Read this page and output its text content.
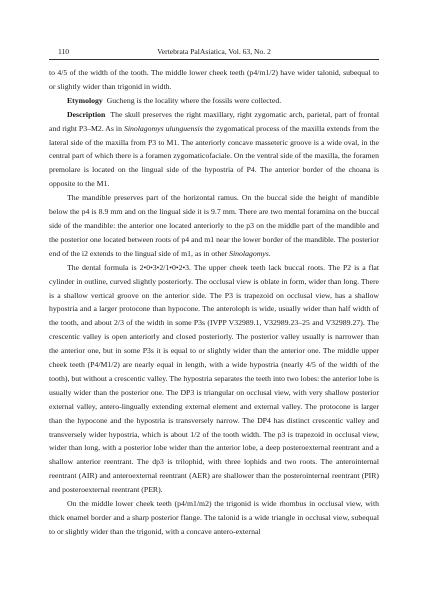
110	Vertebrata PalAsiatica, Vol. 63, No. 2

to 4/5 of the width of the tooth. The middle lower cheek teeth (p4/m1/2) have wider talonid, subequal to or slightly wider than trigonid in width.

Etymology Gucheng is the locality where the fossils were collected.

Description The skull preserves the right maxillary, right zygomatic arch, parietal, part of frontal and right P3–M2. As in Sinolagomys ulunguensis the zygomatical process of the maxilla extends from the lateral side of the maxilla from P3 to M1. The anteriorly concave masseteric groove is a wide oval, in the central part of which there is a foramen zygomaticofaciale. On the ventral side of the maxilla, the foramen premolare is located on the lingual side of the hypostria of P4. The anterior border of the choana is opposite to the M1.

The mandible preserves part of the horizontal ramus. On the buccal side the height of mandible below the p4 is 8.9 mm and on the lingual side it is 9.7 mm. There are two mental foramina on the buccal side of the mandible: the anterior one located anteriorly to the p3 on the middle part of the mandible and the posterior one located between roots of p4 and m1 near the lower border of the mandible. The posterior end of the i2 extends to the lingual side of m1, as in other Sinolagomys.

The dental formula is 2•0•3•2/1•0•2•3. The upper cheek teeth lack buccal roots. The P2 is a flat cylinder in outline, curved slightly posteriorly. The occlusal view is oblate in form, wider than long. There is a shallow vertical groove on the anterior side. The P3 is trapezoid on occlusal view, has a shallow hypostria and a larger protocone than hypocone. The anteroloph is wide, usually wider than half width of the tooth, and about 2/3 of the width in some P3s (IVPP V32989.1, V32989.23–25 and V32989.27). The crescentic valley is open anteriorly and closed posteriorly. The posterior valley usually is narrower than the anterior one, but in some P3s it is equal to or slightly wider than the anterior one. The middle upper cheek teeth (P4/M1/2) are nearly equal in length, with a wide hypostria (nearly 4/5 of the width of the tooth), but without a crescentic valley. The hypostria separates the teeth into two lobes: the anterior lobe is usually wider than the posterior one. The DP3 is triangular on occlusal view, with very shallow posterior external valley, antero-lingually extending external element and external valley. The protocone is larger than the hypocone and the hypostria is transversely narrow. The DP4 has distinct crescentic valley and transversely wider hypostria, which is about 1/2 of the tooth width. The p3 is trapezoid in occlusal view, wider than long, with a posterior lobe wider than the anterior lobe, a deep posteroexternal reentrant and a shallow anterior reentrant. The dp3 is trilophid, with three lophids and two roots. The anterointernal reentrant (AIR) and anteroexternal reentrant (AER) are shallower than the posterointernal reentrant (PIR) and posteroexternal reentrant (PER).

On the middle lower cheek teeth (p4/m1/m2) the trigonid is wide rhombus in occlusal view, with thick enamel border and a sharp posterior flange. The talonid is a wide triangle in occlusal view, subequal to or slightly wider than the trigonid, with a concave antero-external
